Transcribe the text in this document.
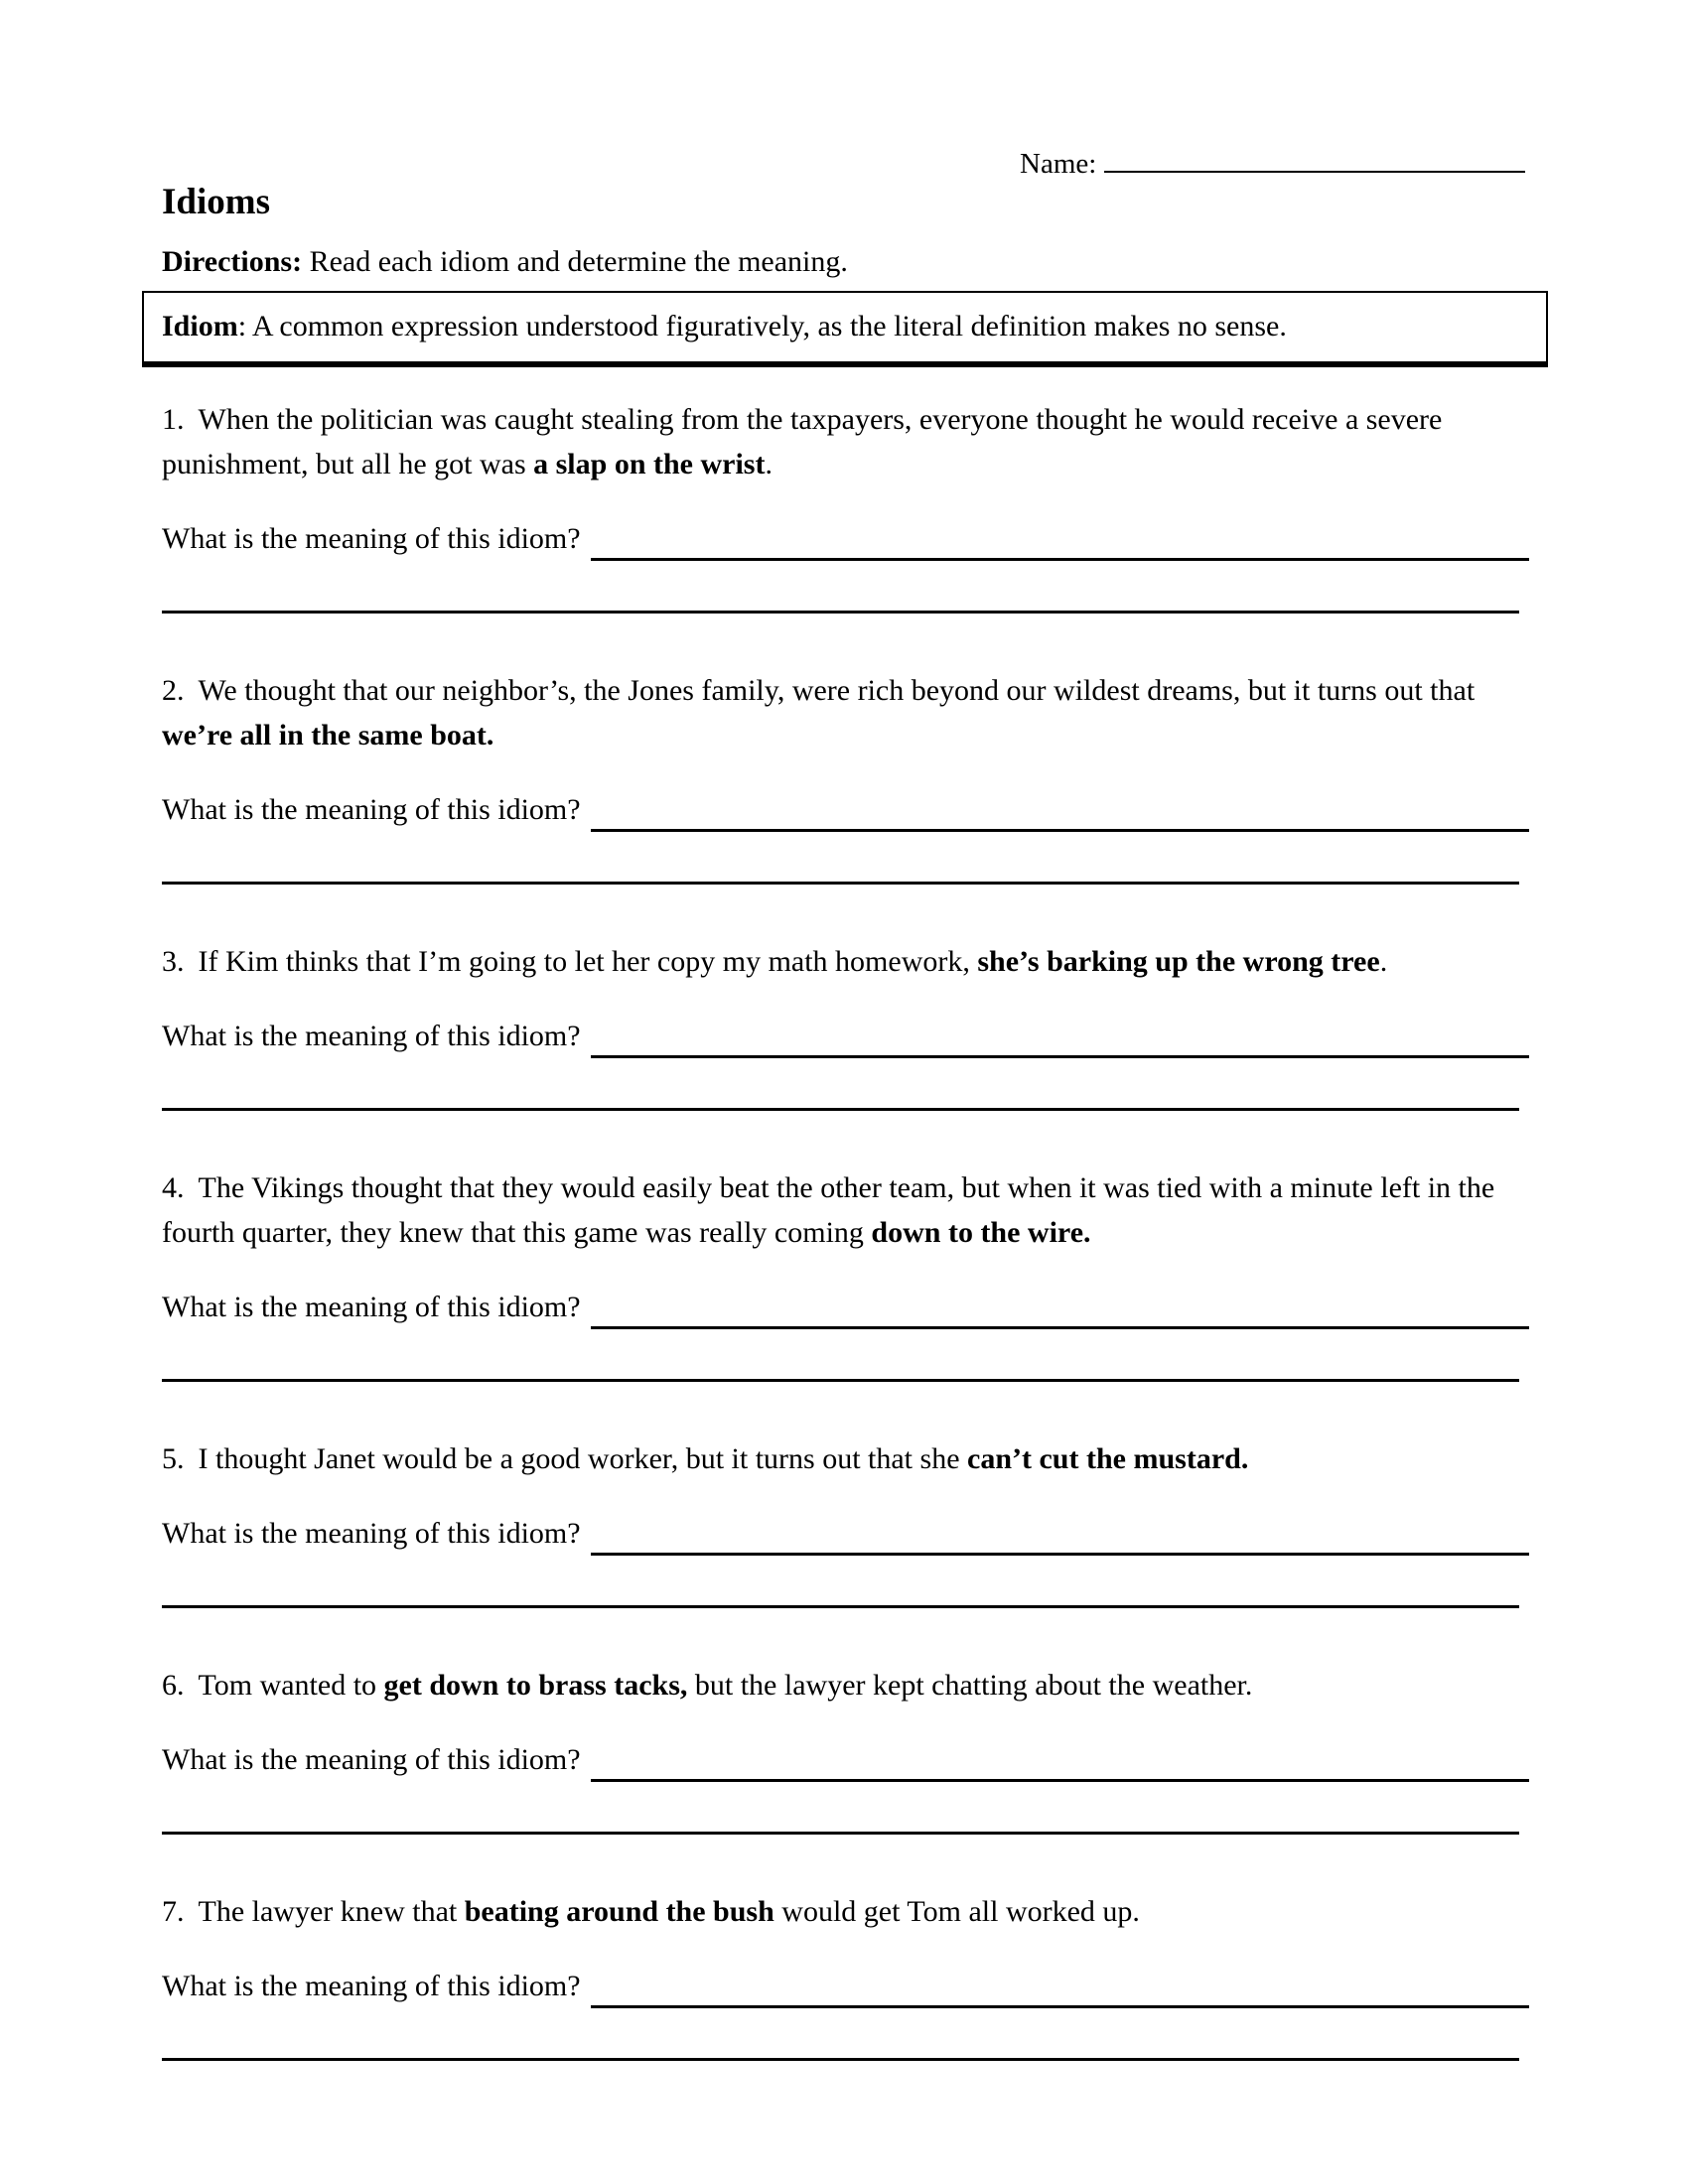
Name:
Idioms

Directions: Read each idiom and determine the meaning.

Idiom: A common expression understood figuratively, as the literal definition makes no sense.

1. When the politician was caught stealing from the taxpayers, everyone thought he would receive a severe punishment, but all he got was a slap on the wrist.

What is the meaning of this idiom?

2. We thought that our neighbor’s, the Jones family, were rich beyond our wildest dreams, but it turns out that we’re all in the same boat.

What is the meaning of this idiom?

3. If Kim thinks that I’m going to let her copy my math homework, she’s barking up the wrong tree.

What is the meaning of this idiom?

4. The Vikings thought that they would easily beat the other team, but when it was tied with a minute left in the fourth quarter, they knew that this game was really coming down to the wire.

What is the meaning of this idiom?

5. I thought Janet would be a good worker, but it turns out that she can’t cut the mustard.

What is the meaning of this idiom?

6. Tom wanted to get down to brass tacks, but the lawyer kept chatting about the weather.

What is the meaning of this idiom?

7. The lawyer knew that beating around the bush would get Tom all worked up.

What is the meaning of this idiom?
